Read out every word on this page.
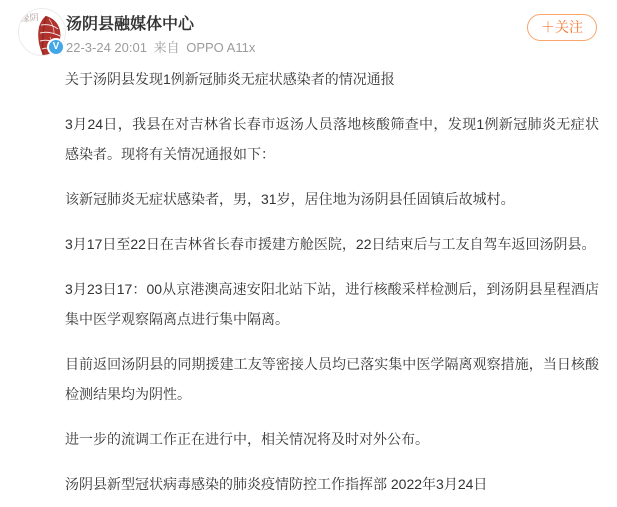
缘阴
V
汤阴县融媒体中心
22-3-24 20:01 来自 OPPO A11x
＋关注

关于汤阴县发现1例新冠肺炎无症状感染者的情况通报

3月24日，我县在对吉林省长春市返汤人员落地核酸筛查中，发现1例新冠肺炎无症状感染者。现将有关情况通报如下：

该新冠肺炎无症状感染者，男，31岁，居住地为汤阴县任固镇后故城村。

3月17日至22日在吉林省长春市援建方舱医院，22日结束后与工友自驾车返回汤阴县。

3月23日17：00从京港澳高速安阳北站下站，进行核酸采样检测后，到汤阴县星程酒店集中医学观察隔离点进行集中隔离。

目前返回汤阴县的同期援建工友等密接人员均已落实集中医学隔离观察措施，当日核酸检测结果均为阴性。

进一步的流调工作正在进行中，相关情况将及时对外公布。

汤阴县新型冠状病毒感染的肺炎疫情防控工作指挥部 2022年3月24日
